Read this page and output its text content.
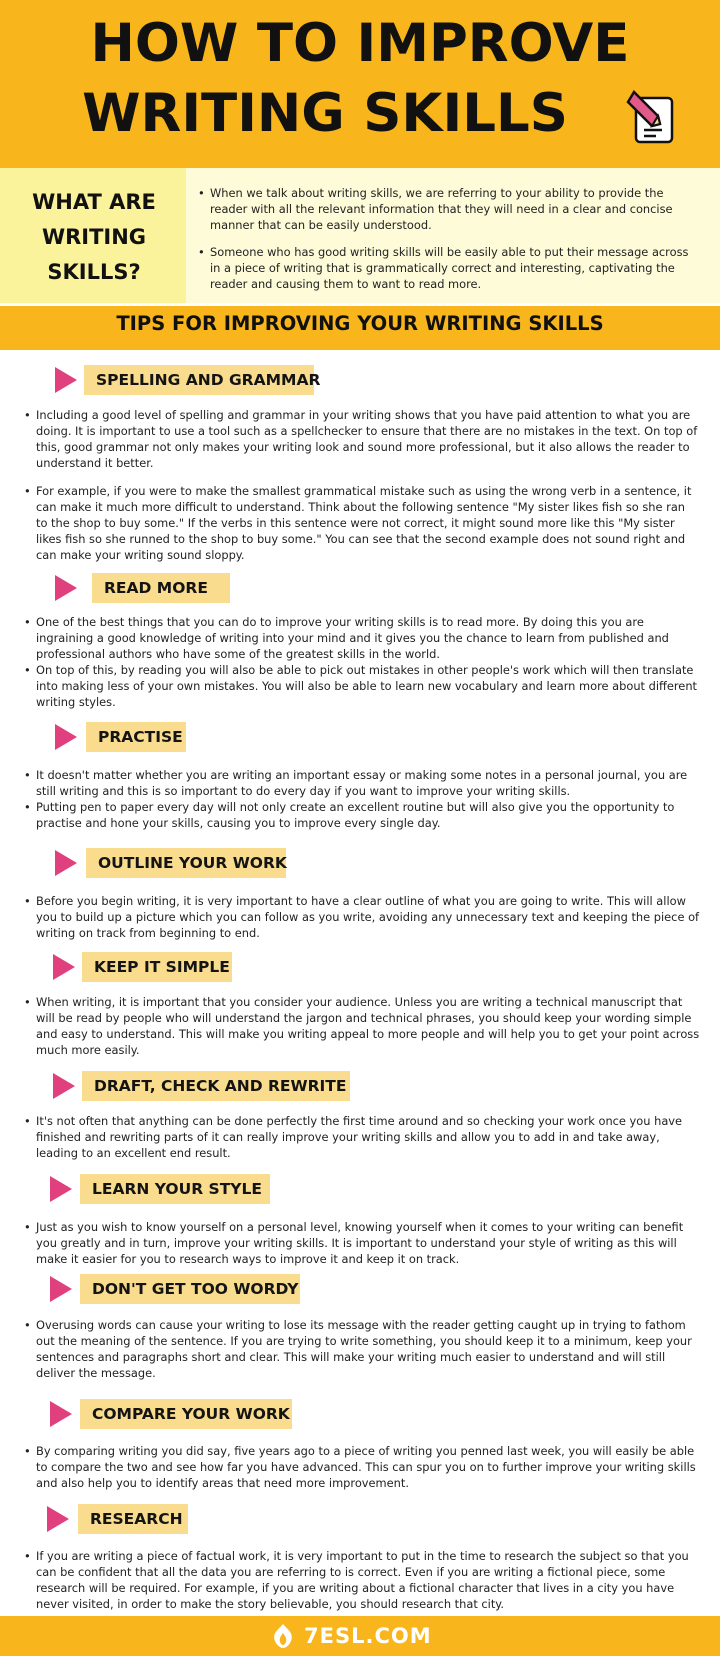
HOW TO IMPROVE
WRITING SKILLS
WHAT ARE
WRITING
SKILLS?
• When we talk about writing skills, we are referring to your ability to provide the reader with all the relevant information that they will need in a clear and concise manner that can be easily understood.
• Someone who has good writing skills will be easily able to put their message across in a piece of writing that is grammatically correct and interesting, captivating the reader and causing them to want to read more.
TIPS FOR IMPROVING YOUR WRITING SKILLS
SPELLING AND GRAMMAR
• Including a good level of spelling and grammar in your writing shows that you have paid attention to what you are doing. It is important to use a tool such as a spellchecker to ensure that there are no mistakes in the text. On top of this, good grammar not only makes your writing look and sound more professional, but it also allows the reader to understand it better.
• For example, if you were to make the smallest grammatical mistake such as using the wrong verb in a sentence, it can make it much more difficult to understand. Think about the following sentence "My sister likes fish so she ran to the shop to buy some." If the verbs in this sentence were not correct, it might sound more like this "My sister likes fish so she runned to the shop to buy some." You can see that the second example does not sound right and can make your writing sound sloppy.
READ MORE
• One of the best things that you can do to improve your writing skills is to read more. By doing this you are ingraining a good knowledge of writing into your mind and it gives you the chance to learn from published and professional authors who have some of the greatest skills in the world.
• On top of this, by reading you will also be able to pick out mistakes in other people's work which will then translate into making less of your own mistakes. You will also be able to learn new vocabulary and learn more about different writing styles.
PRACTISE
• It doesn't matter whether you are writing an important essay or making some notes in a personal journal, you are still writing and this is so important to do every day if you want to improve your writing skills.
• Putting pen to paper every day will not only create an excellent routine but will also give you the opportunity to practise and hone your skills, causing you to improve every single day.
OUTLINE YOUR WORK
• Before you begin writing, it is very important to have a clear outline of what you are going to write. This will allow you to build up a picture which you can follow as you write, avoiding any unnecessary text and keeping the piece of writing on track from beginning to end.
KEEP IT SIMPLE
• When writing, it is important that you consider your audience. Unless you are writing a technical manuscript that will be read by people who will understand the jargon and technical phrases, you should keep your wording simple and easy to understand. This will make you writing appeal to more people and will help you to get your point across much more easily.
DRAFT, CHECK AND REWRITE
• It's not often that anything can be done perfectly the first time around and so checking your work once you have finished and rewriting parts of it can really improve your writing skills and allow you to add in and take away, leading to an excellent end result.
LEARN YOUR STYLE
• Just as you wish to know yourself on a personal level, knowing yourself when it comes to your writing can benefit you greatly and in turn, improve your writing skills. It is important to understand your style of writing as this will make it easier for you to research ways to improve it and keep it on track.
DON'T GET TOO WORDY
• Overusing words can cause your writing to lose its message with the reader getting caught up in trying to fathom out the meaning of the sentence. If you are trying to write something, you should keep it to a minimum, keep your sentences and paragraphs short and clear. This will make your writing much easier to understand and will still deliver the message.
COMPARE YOUR WORK
• By comparing writing you did say, five years ago to a piece of writing you penned last week, you will easily be able to compare the two and see how far you have advanced. This can spur you on to further improve your writing skills and also help you to identify areas that need more improvement.
RESEARCH
• If you are writing a piece of factual work, it is very important to put in the time to research the subject so that you can be confident that all the data you are referring to is correct. Even if you are writing a fictional piece, some research will be required. For example, if you are writing about a fictional character that lives in a city you have never visited, in order to make the story believable, you should research that city.
7ESL.COM
